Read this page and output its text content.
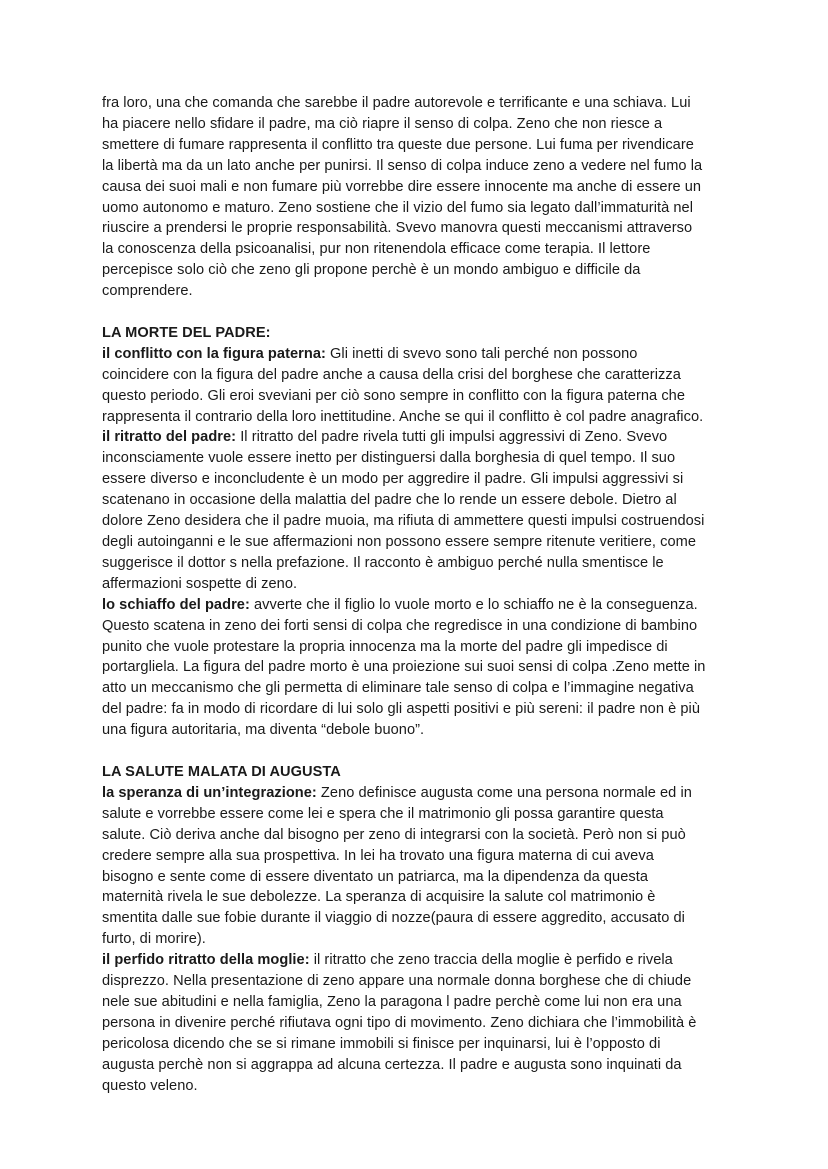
fra loro, una che comanda che sarebbe il padre autorevole e terrificante e una schiava. Lui
ha piacere nello sfidare il padre, ma ciò riapre il senso di colpa. Zeno che non riesce a
smettere di fumare rappresenta il conflitto tra queste due persone. Lui fuma per rivendicare
la libertà ma da un lato anche per punirsi. Il senso di colpa induce zeno a vedere nel fumo la
causa dei suoi mali e non fumare più vorrebbe dire essere innocente ma anche di essere un
uomo autonomo e maturo. Zeno sostiene che il vizio del fumo sia legato dall’immaturità nel
riuscire a prendersi le proprie responsabilità. Svevo manovra questi meccanismi attraverso
la conoscenza della psicoanalisi, pur non ritenendola efficace come terapia. Il lettore
percepisce solo ciò che zeno gli propone perchè è un mondo ambiguo e difficile da
comprendere.
LA MORTE DEL PADRE:
il conflitto con la figura paterna: Gli inetti di svevo sono tali perché non possono
coincidere con la figura del padre anche a causa della crisi del borghese che caratterizza
questo periodo. Gli eroi sveviani per ciò sono sempre in conflitto con la figura paterna che
rappresenta il contrario della loro inettitudine. Anche se qui il conflitto è col padre anagrafico.
il ritratto del padre: Il ritratto del padre rivela tutti gli impulsi aggressivi di Zeno. Svevo
inconsciamente vuole essere inetto per distinguersi dalla borghesia di quel tempo. Il suo
essere diverso e inconcludente è un modo per aggredire il padre. Gli impulsi aggressivi si
scatenano in occasione della malattia del padre che lo rende un essere debole. Dietro al
dolore Zeno desidera che il padre muoia, ma rifiuta di ammettere questi impulsi costruendosi
degli autoinganni e le sue affermazioni non possono essere sempre ritenute veritiere, come
suggerisce il dottor s nella prefazione. Il racconto è ambiguo perché nulla smentisce le
affermazioni sospette di zeno.
lo schiaffo del padre: avverte che il figlio lo vuole morto e lo schiaffo ne è la conseguenza.
Questo scatena in zeno dei forti sensi di colpa che regredisce in una condizione di bambino
punito che vuole protestare la propria innocenza ma la morte del padre gli impedisce di
portargliela. La figura del padre morto è una proiezione sui suoi sensi di colpa .Zeno mette in
atto un meccanismo che gli permetta di eliminare tale senso di colpa e l’immagine negativa
del padre: fa in modo di ricordare di lui solo gli aspetti positivi e più sereni: il padre non è più
una figura autoritaria, ma diventa “debole buono”.
LA SALUTE MALATA DI AUGUSTA
la speranza di un’integrazione: Zeno definisce augusta come una persona normale ed in
salute e vorrebbe essere come lei e spera che il matrimonio gli possa garantire questa
salute. Ciò deriva anche dal bisogno per zeno di integrarsi con la società. Però non si può
credere sempre alla sua prospettiva. In lei ha trovato una figura materna di cui aveva
bisogno e sente come di essere diventato un patriarca, ma la dipendenza da questa
maternità rivela le sue debolezze. La speranza di acquisire la salute col matrimonio è
smentita dalle sue fobie durante il viaggio di nozze(paura di essere aggredito, accusato di
furto, di morire).
il perfido ritratto della moglie: il ritratto che zeno traccia della moglie è perfido e rivela
disprezzo. Nella presentazione di zeno appare una normale donna borghese che di chiude
nele sue abitudini e nella famiglia, Zeno la paragona l padre perchè come lui non era una
persona in divenire perché rifiutava ogni tipo di movimento. Zeno dichiara che l’immobilità è
pericolosa dicendo che se si rimane immobili si finisce per inquinarsi, lui è l’opposto di
augusta perchè non si aggrappa ad alcuna certezza. Il padre e augusta sono inquinati da
questo veleno.
